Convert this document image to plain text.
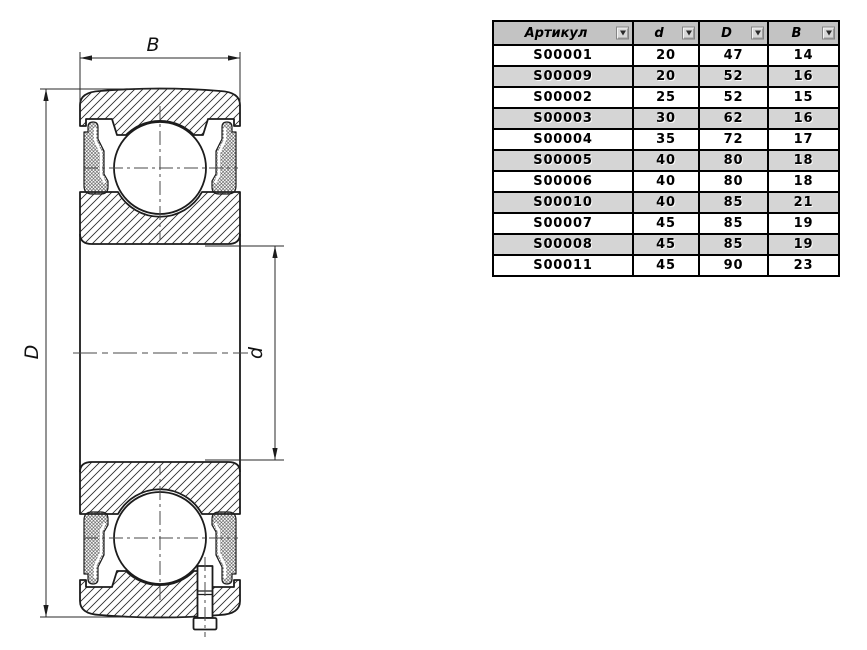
B
D	d
Артикул	d	D	B

S00001	20	47	14
S00009	20	52	16
S00002	25	52	15
S00003	30	62	16
S00004	35	72	17
S00005	40	80	18
S00006	40	80	18
S00010	40	85	21
S00007	45	85	19
S00008	45	85	19
S00011	45	90	23
